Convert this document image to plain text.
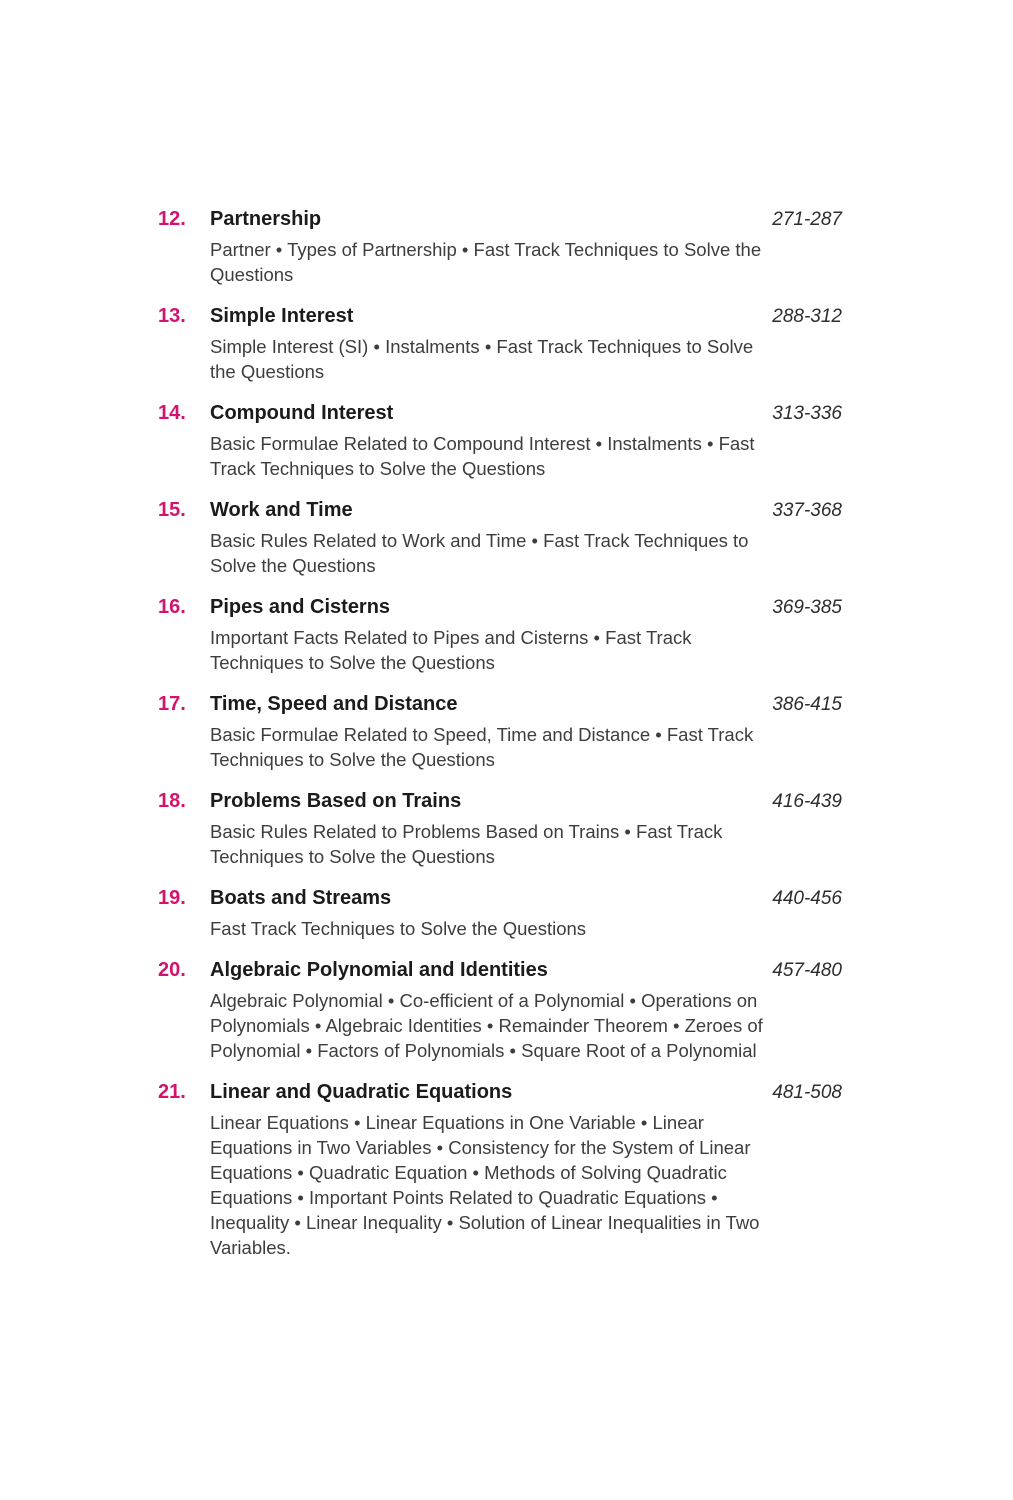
12.	Partnership	271-287
Partner • Types of Partnership • Fast Track Techniques to Solve the Questions
13.	Simple Interest	288-312
Simple Interest (SI) • Instalments • Fast Track Techniques to Solve the Questions
14.	Compound Interest	313-336
Basic Formulae Related to Compound Interest • Instalments • Fast Track Techniques to Solve the Questions
15.	Work and Time	337-368
Basic Rules Related to Work and Time • Fast Track Techniques to Solve the Questions
16.	Pipes and Cisterns	369-385
Important Facts Related to Pipes and Cisterns • Fast Track Techniques to Solve the Questions
17.	Time, Speed and Distance	386-415
Basic Formulae Related to Speed, Time and Distance • Fast Track Techniques to Solve the Questions
18.	Problems Based on Trains	416-439
Basic Rules Related to Problems Based on Trains • Fast Track Techniques to Solve the Questions
19.	Boats and Streams	440-456
Fast Track Techniques to Solve the Questions
20.	Algebraic Polynomial and Identities	457-480
Algebraic Polynomial • Co-efficient of a Polynomial • Operations on Polynomials • Algebraic Identities • Remainder Theorem • Zeroes of Polynomial • Factors of Polynomials • Square Root of a Polynomial
21.	Linear and Quadratic Equations	481-508
Linear Equations • Linear Equations in One Variable • Linear Equations in Two Variables • Consistency for the System of Linear Equations • Quadratic Equation • Methods of Solving Quadratic Equations • Important Points Related to Quadratic Equations • Inequality • Linear Inequality • Solution of Linear Inequalities in Two Variables.
